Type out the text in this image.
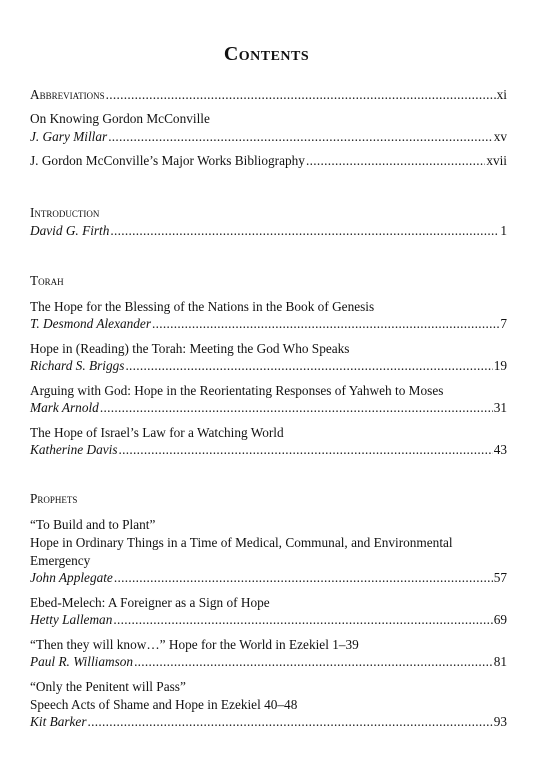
Contents
Abbreviations .....	xi
On Knowing Gordon McConville
J. Gary Millar .....	xv
J. Gordon McConville’s Major Works Bibliography .....	xvii
Introduction
David G. Firth .....	1
Torah
The Hope for the Blessing of the Nations in the Book of Genesis
T. Desmond Alexander .....	7
Hope in (Reading) the Torah: Meeting the God Who Speaks
Richard S. Briggs .....	19
Arguing with God: Hope in the Reorientating Responses of Yahweh to Moses
Mark Arnold .....	31
The Hope of Israel’s Law for a Watching World
Katherine Davis .....	43
Prophets
“To Build and to Plant”
Hope in Ordinary Things in a Time of Medical, Communal, and Environmental Emergency
John Applegate .....	57
Ebed-Melech: A Foreigner as a Sign of Hope
Hetty Lalleman .....	69
“Then they will know…” Hope for the World in Ezekiel 1–39
Paul R. Williamson .....	81
“Only the Penitent will Pass”
Speech Acts of Shame and Hope in Ezekiel 40–48
Kit Barker .....	93
